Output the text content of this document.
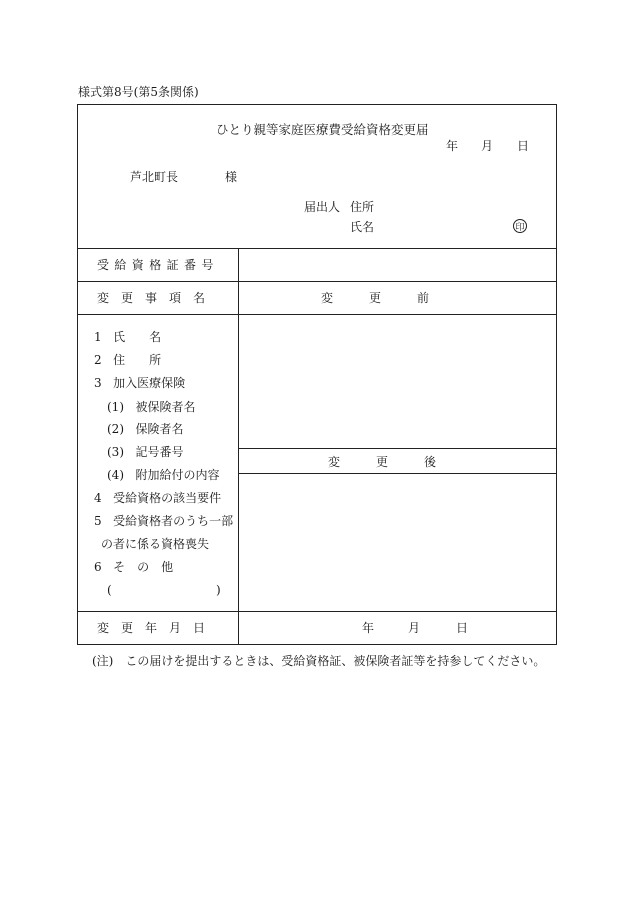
様式第8号(第5条関係)
ひとり親等家庭医療費受給資格変更届
年 月 日
芦北町長	様
届出人 住所
氏名	印
受給資格証番号
変　更　事　項　名	変　　　更　　　前
変　　　更　　　後
1 氏　　名
2 住　　所
3 加入医療保険
(1) 被保険者名
(2) 保険者名
(3) 記号番号
(4) 附加給付の内容
4 受給資格の該当要件
5 受給資格者のうち一部
の者に係る資格喪失
6 そ　の　他
(	)
変　更　年　月　日	年	月	日
(注)　この届けを提出するときは、受給資格証、被保険者証等を持参してください。
